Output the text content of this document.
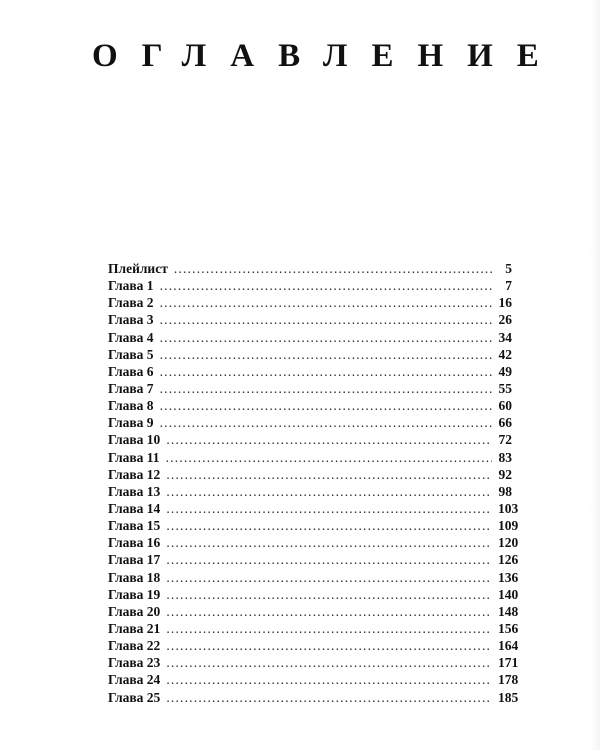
ОГЛАВЛЕНИЕ
Плейлист .....	5
Глава 1 .....	7
Глава 2 .....	16
Глава 3 .....	26
Глава 4 .....	34
Глава 5 .....	42
Глава 6 .....	49
Глава 7 .....	55
Глава 8 .....	60
Глава 9 .....	66
Глава 10 .....	72
Глава 11 .....	83
Глава 12 .....	92
Глава 13 .....	98
Глава 14 .....	103
Глава 15 .....	109
Глава 16 .....	120
Глава 17 .....	126
Глава 18 .....	136
Глава 19 .....	140
Глава 20 .....	148
Глава 21 .....	156
Глава 22 .....	164
Глава 23 .....	171
Глава 24 .....	178
Глава 25 .....	185
